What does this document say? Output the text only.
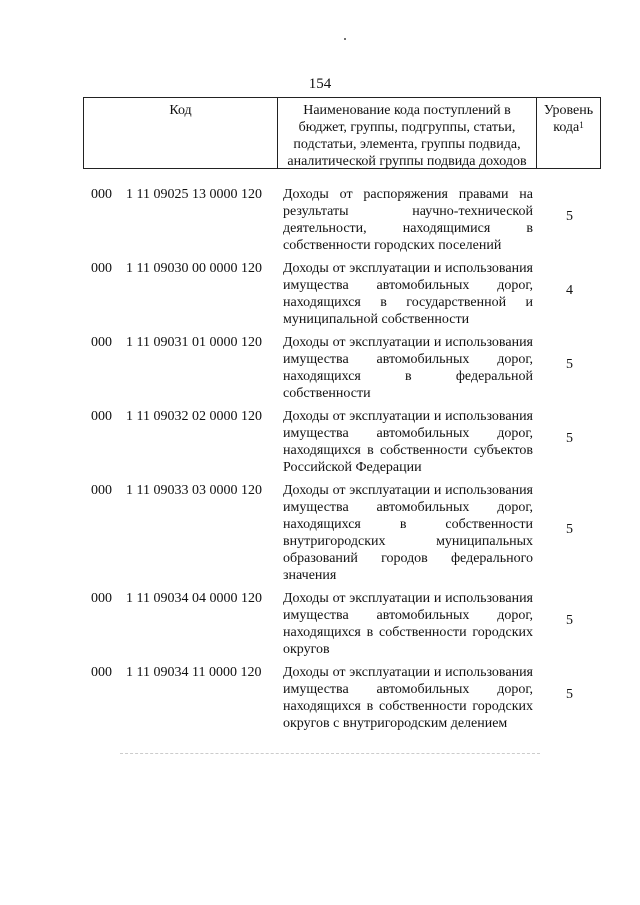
154
Код	Наименование кода поступлений в бюджет, группы, подгруппы, статьи, подстатьи, элемента, группы подвида, аналитической группы подвида доходов
Уровень кода$^1$
000 1 11 09025 13 0000 120 Доходы от распоряжения правами на результаты научно-технической деятельности, находящимися в собственности городских поселений
5
000 1 11 09030 00 0000 120 Доходы от эксплуатации и использования имущества автомобильных дорог, находящихся в государственной и муниципальной собственности
4
000 1 11 09031 01 0000 120 Доходы от эксплуатации и использования имущества автомобильных дорог, находящихся в федеральной собственности
5
000 1 11 09032 02 0000 120 Доходы от эксплуатации и использования имущества автомобильных дорог, находящихся в собственности субъектов Российской Федерации
5
000 1 11 09033 03 0000 120 Доходы от эксплуатации и использования имущества автомобильных дорог, находящихся в собственности внутригородских муниципальных образований городов федерального значения
5
000 1 11 09034 04 0000 120 Доходы от эксплуатации и использования имущества автомобильных дорог, находящихся в собственности городских округов
5
000 1 11 09034 11 0000 120 Доходы от эксплуатации и использования имущества автомобильных дорог, находящихся в собственности городских округов с внутригородским делением
5
